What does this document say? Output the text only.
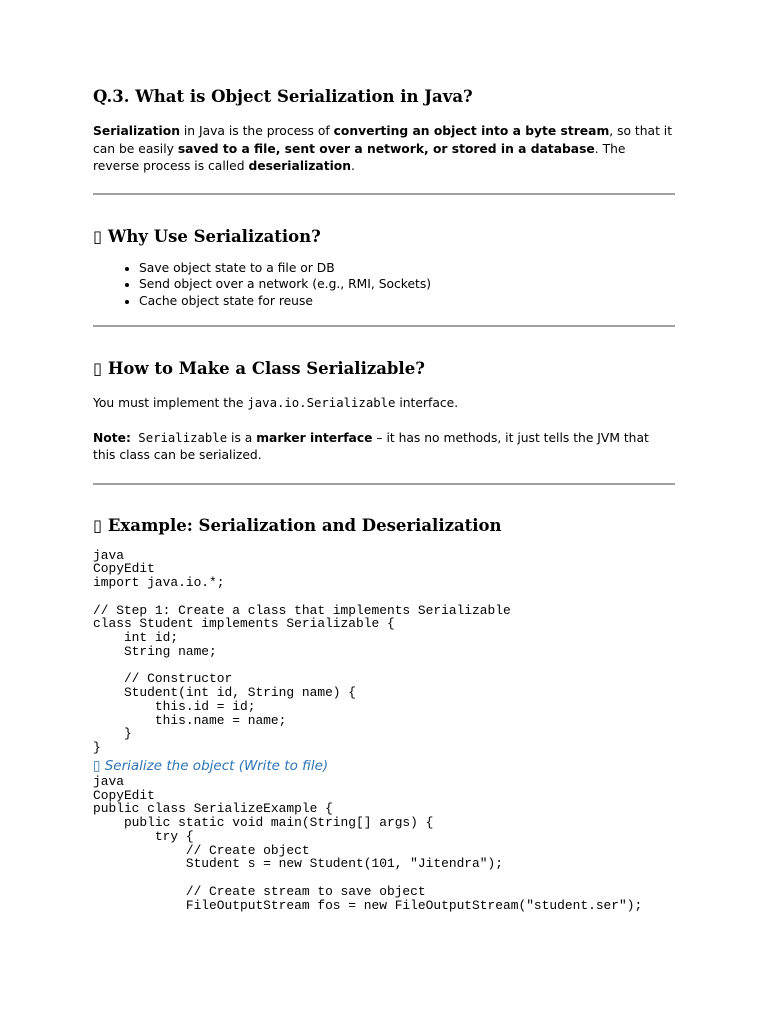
Q.3. What is Object Serialization in Java?

Serialization in Java is the process of converting an object into a byte stream, so that it can be easily saved to a file, sent over a network, or stored in a database. The reverse process is called deserialization.

▯ Why Use Serialization?
• Save object state to a file or DB
• Send object over a network (e.g., RMI, Sockets)
• Cache object state for reuse
▯ How to Make a Class Serializable?

You must implement the java.io.Serializable interface.

Note: Serializable is a marker interface – it has no methods, it just tells the JVM that this class can be serialized.

▯ Example: Serialization and Deserialization
java
CopyEdit
import java.io.*;

// Step 1: Create a class that implements Serializable
class Student implements Serializable {
int id;
String name;

// Constructor
Student(int id, String name) {
this.id = id;
this.name = name;
}
}

▯ Serialize the object (Write to file)

java
CopyEdit
public class SerializeExample {
public static void main(String[] args) {
try {
// Create object
Student s = new Student(101, "Jitendra");

// Create stream to save object
FileOutputStream fos = new FileOutputStream("student.ser");
